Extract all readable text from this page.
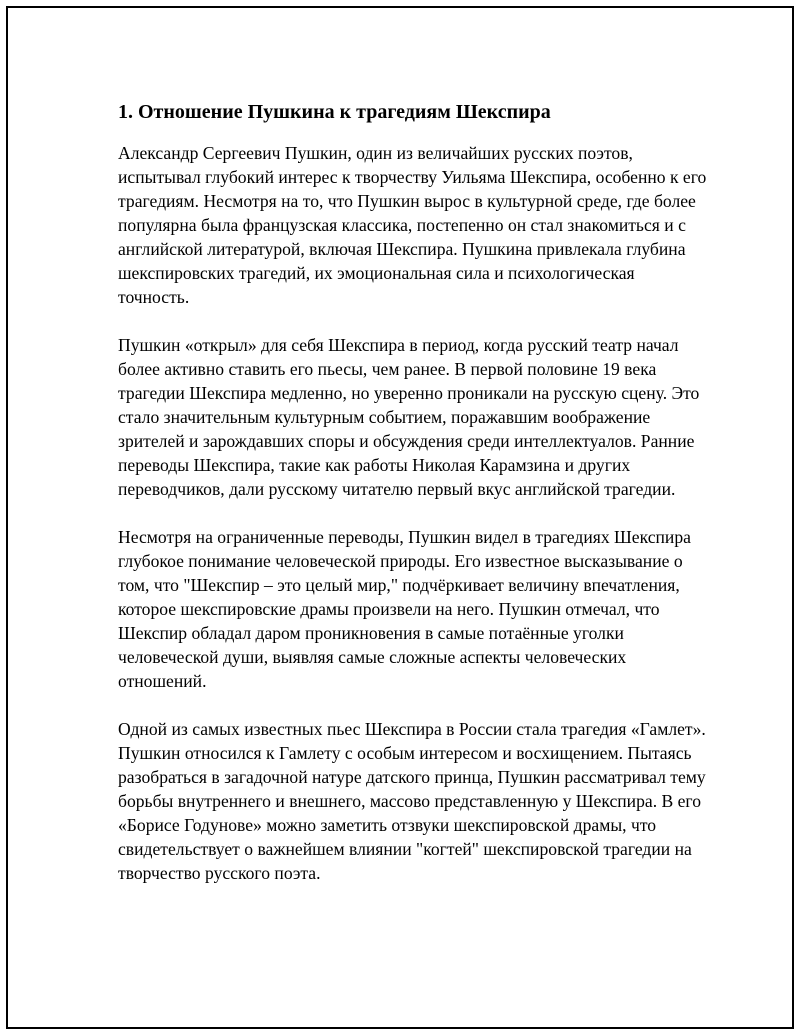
1. Отношение Пушкина к трагедиям Шекспира

Александр Сергеевич Пушкин, один из величайших русских поэтов, испытывал глубокий интерес к творчеству Уильяма Шекспира, особенно к его трагедиям. Несмотря на то, что Пушкин вырос в культурной среде, где более популярна была французская классика, постепенно он стал знакомиться и с английской литературой, включая Шекспира. Пушкина привлекала глубина шекспировских трагедий, их эмоциональная сила и психологическая точность.

Пушкин «открыл» для себя Шекспира в период, когда русский театр начал более активно ставить его пьесы, чем ранее. В первой половине 19 века трагедии Шекспира медленно, но уверенно проникали на русскую сцену. Это стало значительным культурным событием, поражавшим воображение зрителей и зарождавших споры и обсуждения среди интеллектуалов. Ранние переводы Шекспира, такие как работы Николая Карамзина и других переводчиков, дали русскому читателю первый вкус английской трагедии.

Несмотря на ограниченные переводы, Пушкин видел в трагедиях Шекспира глубокое понимание человеческой природы. Его известное высказывание о том, что "Шекспир – это целый мир," подчёркивает величину впечатления, которое шекспировские драмы произвели на него. Пушкин отмечал, что Шекспир обладал даром проникновения в самые потаённые уголки человеческой души, выявляя самые сложные аспекты человеческих отношений.

Одной из самых известных пьес Шекспира в России стала трагедия «Гамлет». Пушкин относился к Гамлету с особым интересом и восхищением. Пытаясь разобраться в загадочной натуре датского принца, Пушкин рассматривал тему борьбы внутреннего и внешнего, массово представленную у Шекспира. В его «Борисе Годунове» можно заметить отзвуки шекспировской драмы, что свидетельствует о важнейшем влиянии "когтей" шекспировской трагедии на творчество русского поэта.
